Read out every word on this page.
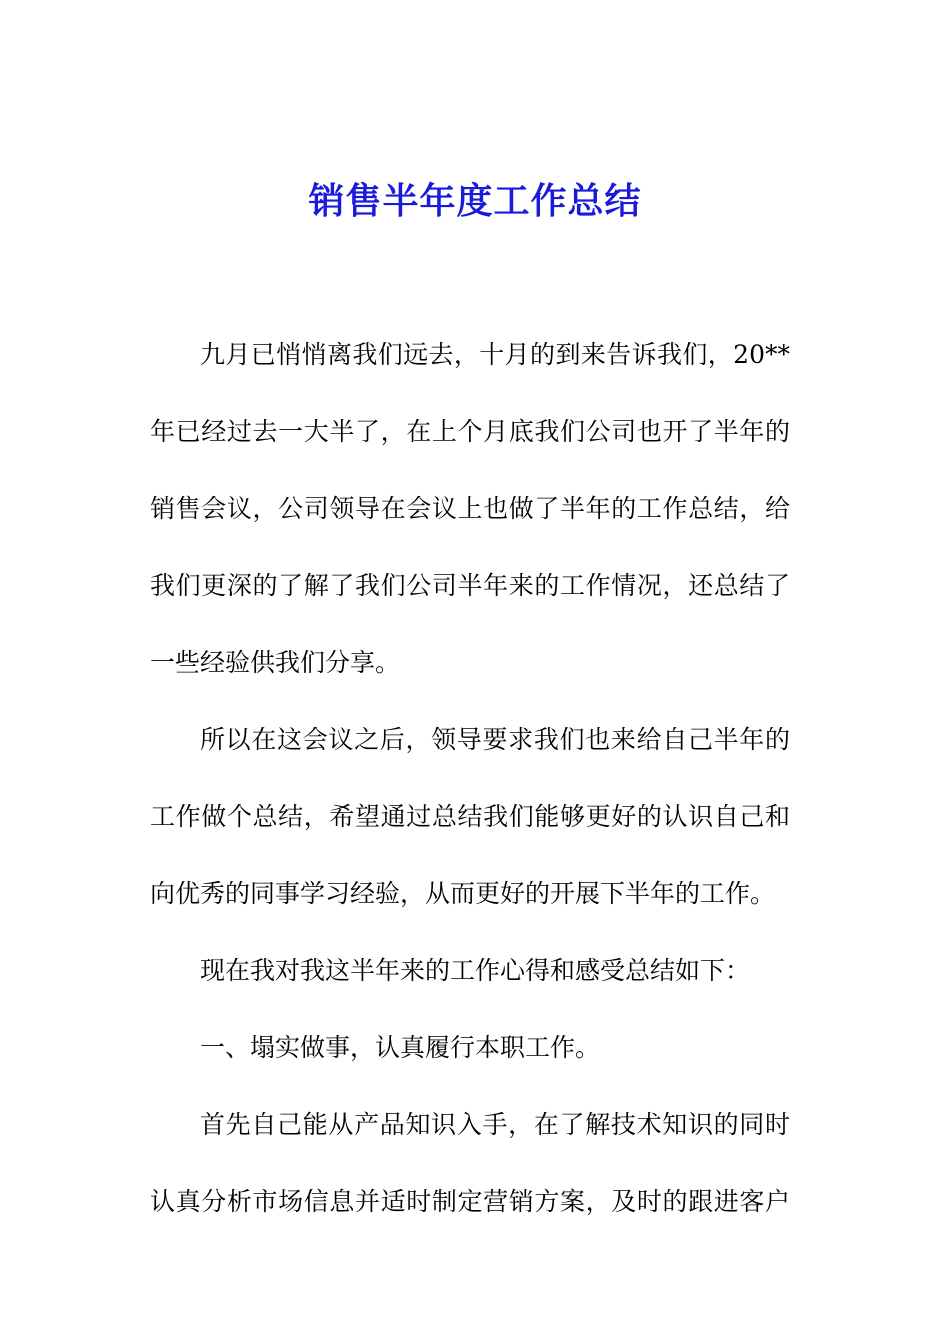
销售半年度工作总结
九月已悄悄离我们远去，十月的到来告诉我们，20**
年已经过去一大半了，在上个月底我们公司也开了半年的
销售会议，公司领导在会议上也做了半年的工作总结，给
我们更深的了解了我们公司半年来的工作情况，还总结了
一些经验供我们分享。
所以在这会议之后，领导要求我们也来给自己半年的
工作做个总结，希望通过总结我们能够更好的认识自己和
向优秀的同事学习经验，从而更好的开展下半年的工作。
现在我对我这半年来的工作心得和感受总结如下：
一、塌实做事，认真履行本职工作。
首先自己能从产品知识入手，在了解技术知识的同时
认真分析市场信息并适时制定营销方案，及时的跟进客户
